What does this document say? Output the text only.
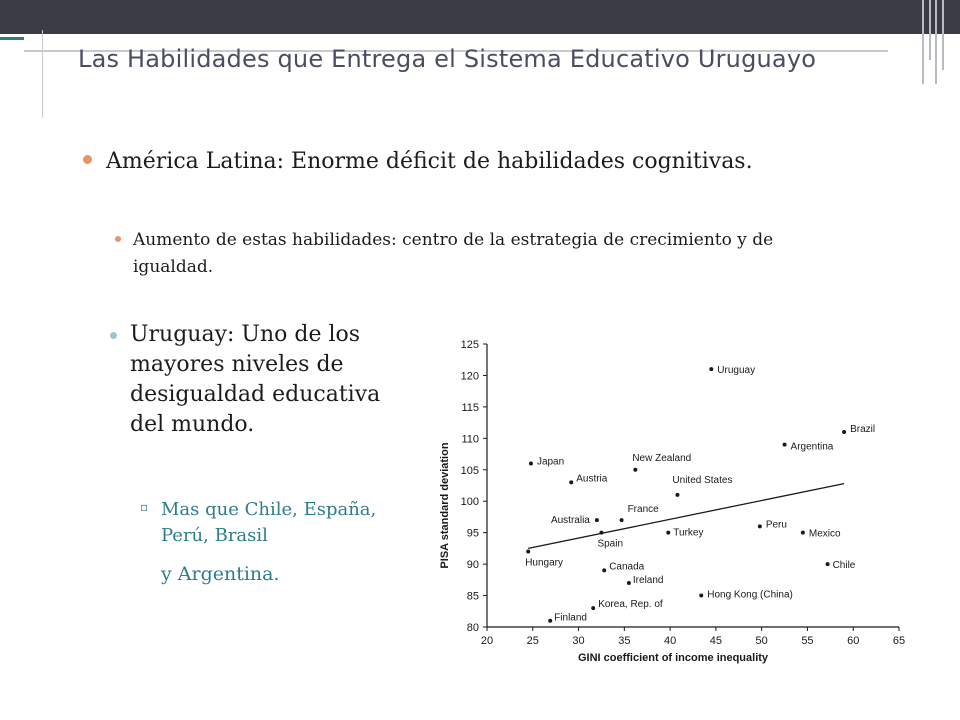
Las Habilidades que Entrega el Sistema Educativo Uruguayo
América Latina: Enorme déficit de habilidades cognitivas.
Aumento de estas habilidades: centro de la estrategia de crecimiento y de igualdad.
Uruguay: Uno de los mayores niveles de desigualdad educativa del mundo.
▫ Mas que Chile, España, Perú, Brasil
y Argentina.
20	25	30	35	40	45	50	55	60	65
80
85
90
95
100
105
110
115
120
125
GINI coefficient of income inequality
PISA standard deviation
Uruguay
Brazil
Argentina
Japan	New Zealand
Austria	United States
Australia
France
Peru
Turkey	Mexico
Spain
Hungary	Chile
Canada
Ireland
Hong Kong (China)
Korea, Rep. of
Finland
